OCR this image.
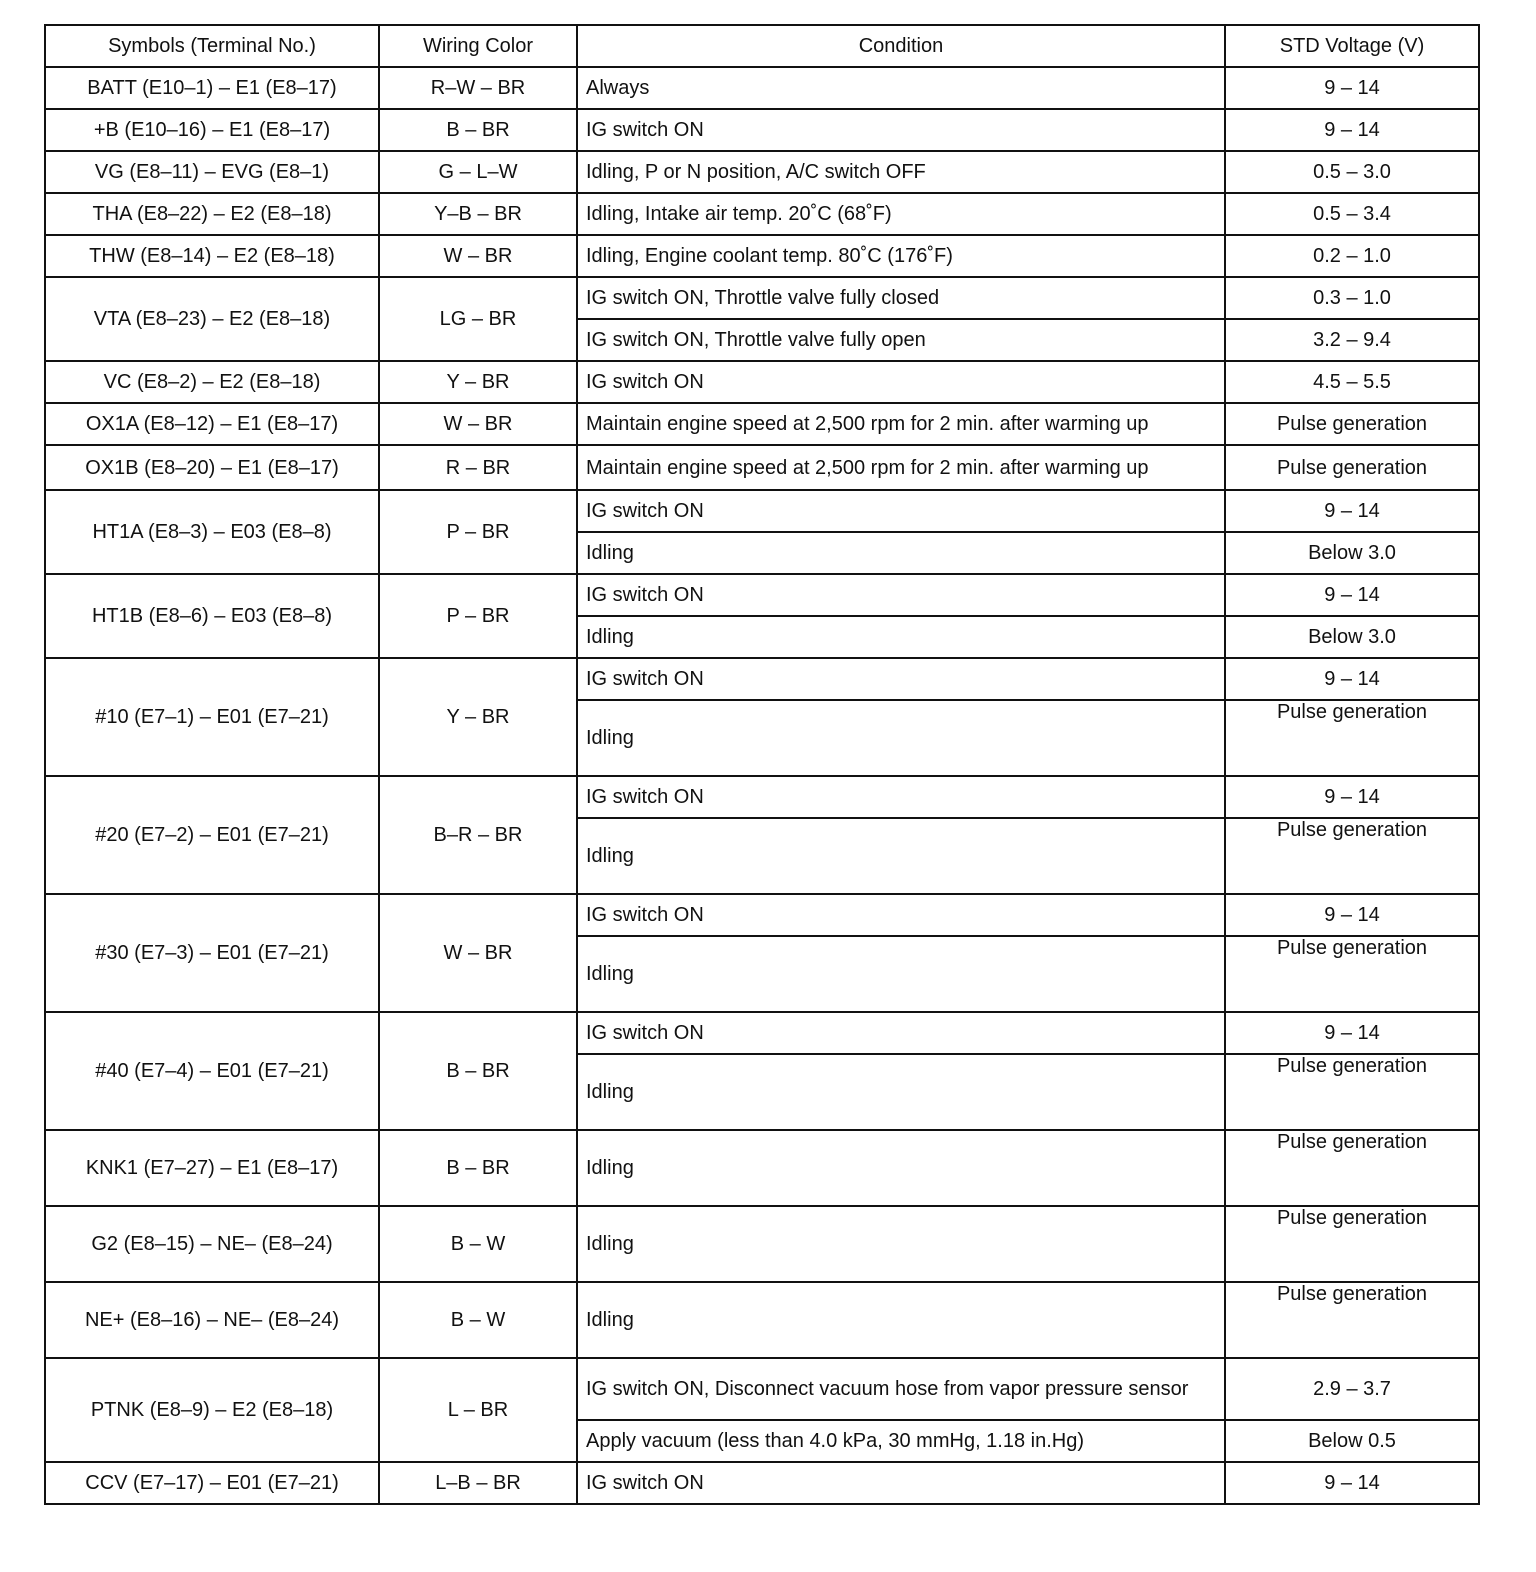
Symbols (Terminal No.)	Wiring Color	Condition	STD Voltage (V)
BATT (E10–1) – E1 (E8–17)	R–W – BR	Always	9 – 14
+B (E10–16) – E1 (E8–17)	B – BR	IG switch ON	9 – 14
VG (E8–11) – EVG (E8–1)	G – L–W	Idling, P or N position, A/C switch OFF	0.5 – 3.0
THA (E8–22) – E2 (E8–18)	Y–B – BR	Idling, Intake air temp. 20˚C (68˚F)	0.5 – 3.4
THW (E8–14) – E2 (E8–18)	W – BR	Idling, Engine coolant temp. 80˚C (176˚F)	0.2 – 1.0
VTA (E8–23) – E2 (E8–18)	LG – BR	IG switch ON, Throttle valve fully closed	0.3 – 1.0
		IG switch ON, Throttle valve fully open	3.2 – 9.4
VC (E8–2) – E2 (E8–18)	Y – BR	IG switch ON	4.5 – 5.5
OX1A (E8–12) – E1 (E8–17)	W – BR	Maintain engine speed at 2,500 rpm for 2 min. after warming up	Pulse generation
OX1B (E8–20) – E1 (E8–17)	R – BR	Maintain engine speed at 2,500 rpm for 2 min. after warming up	Pulse generation
HT1A (E8–3) – E03 (E8–8)	P – BR	IG switch ON	9 – 14
		Idling	Below 3.0
HT1B (E8–6) – E03 (E8–8)	P – BR	IG switch ON	9 – 14
		Idling	Below 3.0
#10 (E7–1) – E01 (E7–21)	Y – BR	IG switch ON	9 – 14
		Idling	Pulse generation
#20 (E7–2) – E01 (E7–21)	B–R – BR	IG switch ON	9 – 14
		Idling	Pulse generation
#30 (E7–3) – E01 (E7–21)	W – BR	IG switch ON	9 – 14
		Idling	Pulse generation
#40 (E7–4) – E01 (E7–21)	B – BR	IG switch ON	9 – 14
		Idling	Pulse generation
KNK1 (E7–27) – E1 (E8–17)	B – BR	Idling	Pulse generation
G2 (E8–15) – NE– (E8–24)	B – W	Idling	Pulse generation
NE+ (E8–16) – NE– (E8–24)	B – W	Idling	Pulse generation
PTNK (E8–9) – E2 (E8–18)	L – BR	IG switch ON, Disconnect vacuum hose from vapor pressure sensor	2.9 – 3.7
		Apply vacuum (less than 4.0 kPa, 30 mmHg, 1.18 in.Hg)	Below 0.5
CCV (E7–17) – E01 (E7–21)	L–B – BR	IG switch ON	9 – 14
